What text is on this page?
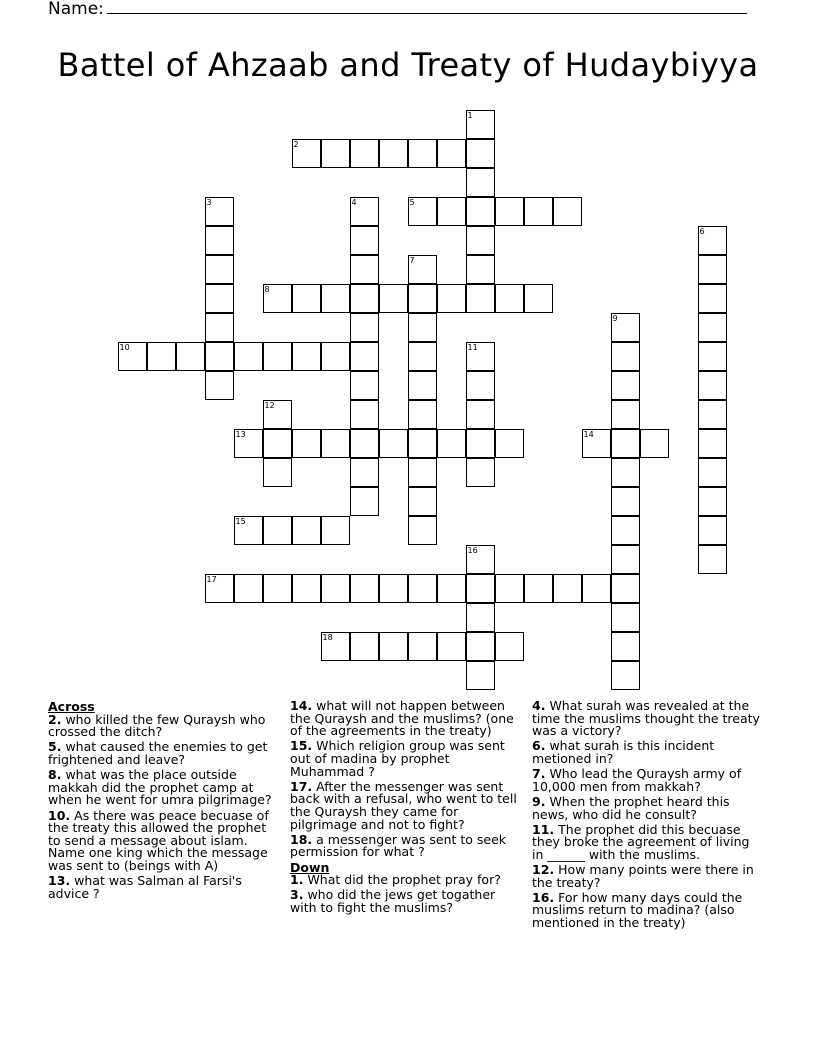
Name:
Battel of Ahzaab and Treaty of Hudaybiyya
1
2
3	4	5
6
7
8
9
10	11
12
13	14
15
16
17
18
Across
2. who killed the few Quraysh who crossed the ditch?
5. what caused the enemies to get frightened and leave?
8. what was the place outside makkah did the prophet camp at when he went for umra pilgrimage?
10. As there was peace becuase of the treaty this allowed the prophet to send a message about islam. Name one king which the message was sent to (beings with A)
13. what was Salman al Farsi's advice ?
14. what will not happen between the Quraysh and the muslims? (one of the agreements in the treaty)
15. Which religion group was sent out of madina by prophet Muhammad ?
17. After the messenger was sent back with a refusal, who went to tell the Quraysh they came for pilgrimage and not to fight?
18. a messenger was sent to seek permission for what ?
Down
1. What did the prophet pray for?
3. who did the jews get togather with to fight the muslims?
4. What surah was revealed at the time the muslims thought the treaty was a victory?
6. what surah is this incident metioned in?
7. Who lead the Quraysh army of 10,000 men from makkah?
9. When the prophet heard this news, who did he consult?
11. The prophet did this becuase they broke the agreement of living in ______ with the muslims.
12. How many points were there in the treaty?
16. For how many days could the muslims return to madina? (also mentioned in the treaty)
